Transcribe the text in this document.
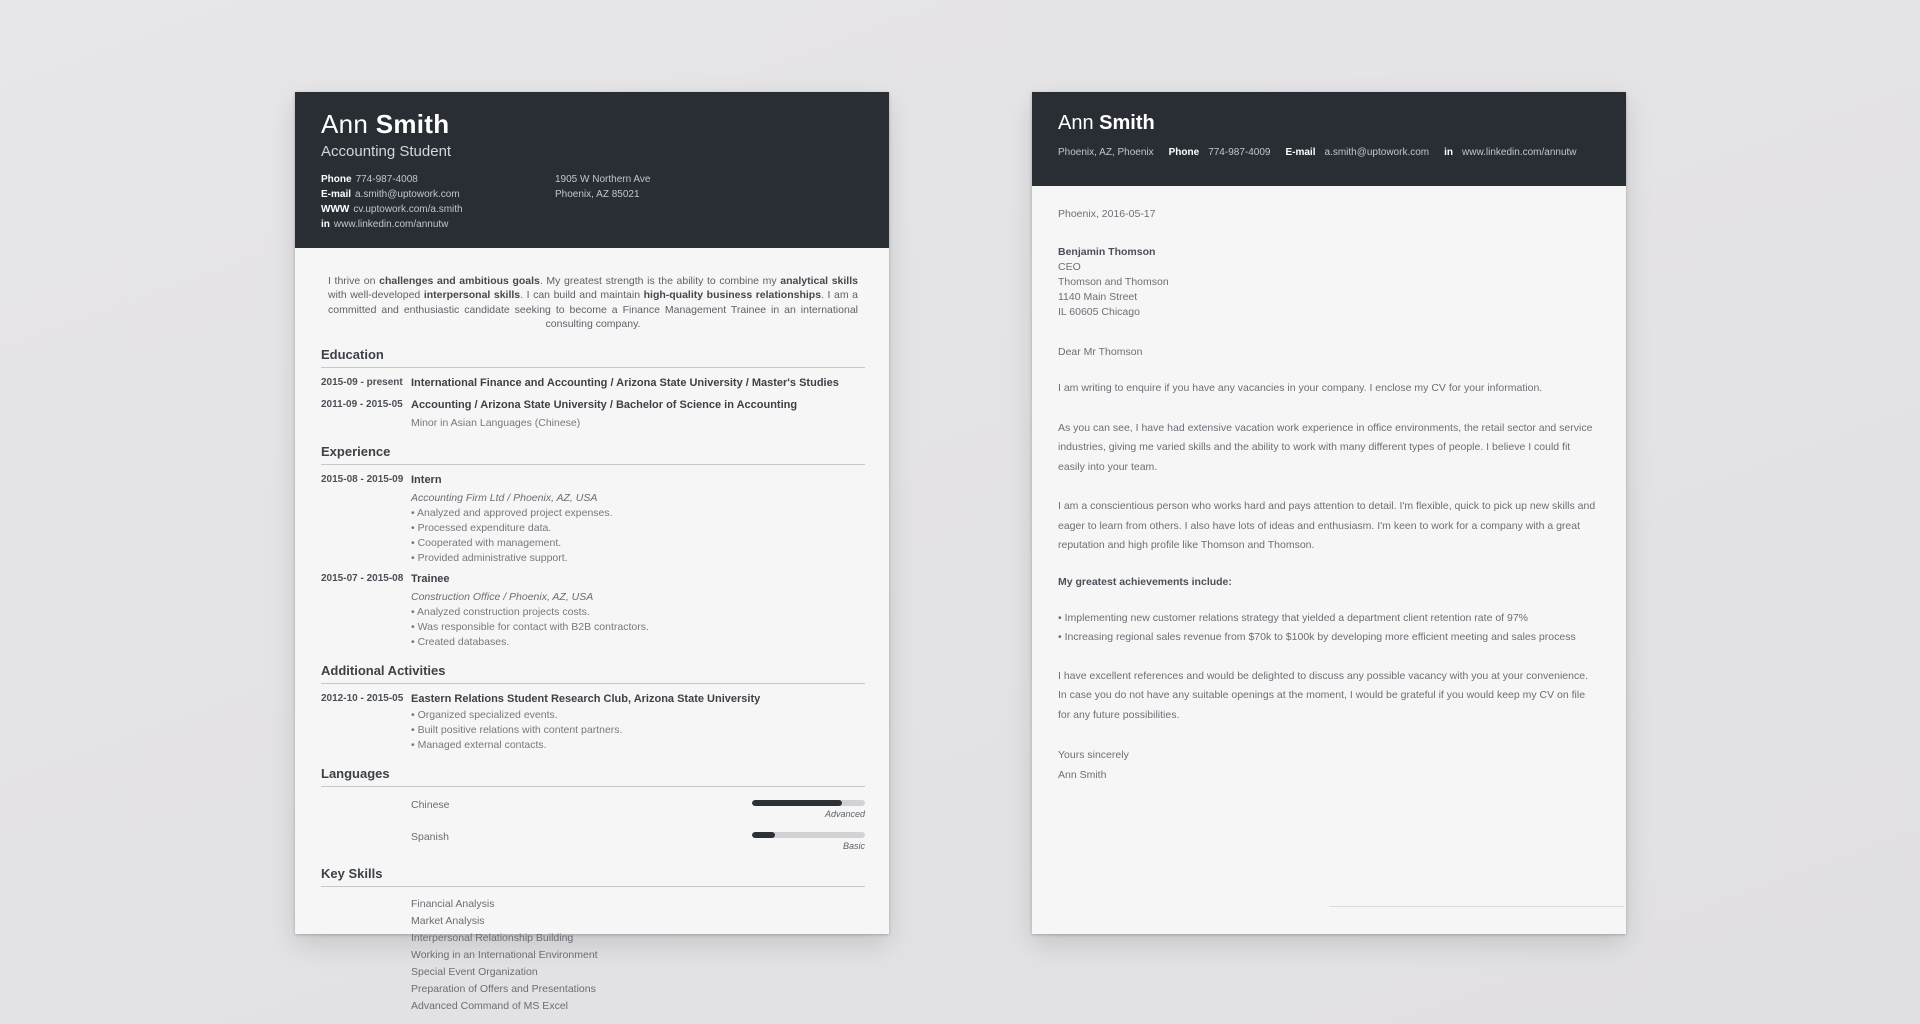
Ann Smith
Accounting Student
Phone 774-987-4008
E-mail a.smith@uptowork.com
WWW cv.uptowork.com/a.smith
in www.linkedin.com/annutw
1905 W Northern Ave
Phoenix, AZ 85021

I thrive on challenges and ambitious goals. My greatest strength is the ability to combine my analytical skills with well-developed interpersonal skills. I can build and maintain high-quality business relationships. I am a committed and enthusiastic candidate seeking to become a Finance Management Trainee in an international consulting company.

Education
2015-09 - present International Finance and Accounting / Arizona State University / Master's Studies
2011-09 - 2015-05 Accounting / Arizona State University / Bachelor of Science in Accounting
Minor in Asian Languages (Chinese)
Experience
2015-08 - 2015-09 Intern
Accounting Firm Ltd / Phoenix, AZ, USA
• Analyzed and approved project expenses.
• Processed expenditure data.
• Cooperated with management.
• Provided administrative support.
2015-07 - 2015-08 Trainee
Construction Office / Phoenix, AZ, USA
• Analyzed construction projects costs.
• Was responsible for contact with B2B contractors.
• Created databases.
Additional Activities
2012-10 - 2015-05 Eastern Relations Student Research Club, Arizona State University
• Organized specialized events.
• Built positive relations with content partners.
• Managed external contacts.
Languages
Chinese
Advanced
Spanish
Basic
Key Skills
Financial Analysis
Market Analysis
Interpersonal Relationship Building
Working in an International Environment
Special Event Organization
Preparation of Offers and Presentations
Advanced Command of MS Excel
Ann Smith
Phoenix, AZ, Phoenix Phone 774-987-4009 E-mail a.smith@uptowork.com in www.linkedin.com/annutw
Phoenix, 2016-05-17
Benjamin Thomson
CEO
Thomson and Thomson
1140 Main Street
IL 60605 Chicago
Dear Mr Thomson

I am writing to enquire if you have any vacancies in your company. I enclose my CV for your information.

As you can see, I have had extensive vacation work experience in office environments, the retail sector and service industries, giving me varied skills and the ability to work with many different types of people. I believe I could fit easily into your team.

I am a conscientious person who works hard and pays attention to detail. I'm flexible, quick to pick up new skills and eager to learn from others. I also have lots of ideas and enthusiasm. I'm keen to work for a company with a great reputation and high profile like Thomson and Thomson.

My greatest achievements include:
• Implementing new customer relations strategy that yielded a department client retention rate of 97%
• Increasing regional sales revenue from $70k to $100k by developing more efficient meeting and sales process

I have excellent references and would be delighted to discuss any possible vacancy with you at your convenience. In case you do not have any suitable openings at the moment, I would be grateful if you would keep my CV on file for any future possibilities.

Yours sincerely
Ann Smith
